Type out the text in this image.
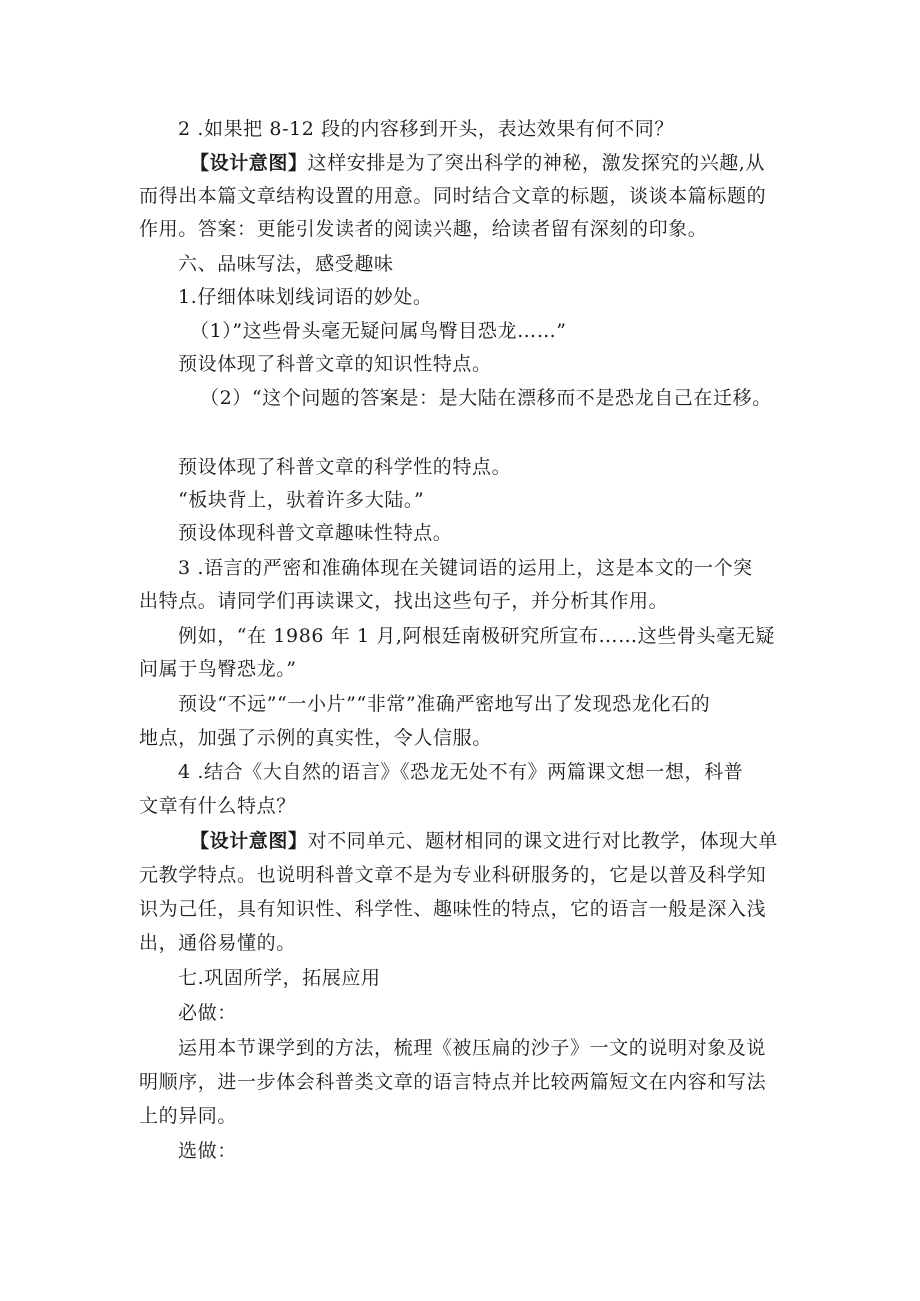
2 .如果把 8-12 段的内容移到开头，表达效果有何不同？
【设计意图】这样安排是为了突出科学的神秘，激发探究的兴趣,从
而得出本篇文章结构设置的用意。同时结合文章的标题，谈谈本篇标题的
作用。答案：更能引发读者的阅读兴趣，给读者留有深刻的印象。
六、品味写法，感受趣味
1.仔细体味划线词语的妙处。
（1）”这些骨头毫无疑问属鸟臀目恐龙……”
预设体现了科普文章的知识性特点。
（2）“这个问题的答案是：是大陆在漂移而不是恐龙自己在迁移。
预设体现了科普文章的科学性的特点。
“板块背上，驮着许多大陆。”
预设体现科普文章趣味性特点。
3 .语言的严密和准确体现在关键词语的运用上，这是本文的一个突
出特点。请同学们再读课文，找出这些句子，并分析其作用。
例如，“在 1986 年 1 月,阿根廷南极研究所宣布……这些骨头毫无疑
问属于鸟臀恐龙。”
预设“不远”“一小片”“非常”准确严密地写出了发现恐龙化石的
地点，加强了示例的真实性，令人信服。
4 .结合《大自然的语言》《恐龙无处不有》两篇课文想一想，科普
文章有什么特点？
【设计意图】对不同单元、题材相同的课文进行对比教学，体现大单
元教学特点。也说明科普文章不是为专业科研服务的，它是以普及科学知
识为己任，具有知识性、科学性、趣味性的特点，它的语言一般是深入浅
出，通俗易懂的。
七.巩固所学，拓展应用
必做：
运用本节课学到的方法，梳理《被压扁的沙子》一文的说明对象及说
明顺序，进一步体会科普类文章的语言特点并比较两篇短文在内容和写法
上的异同。
选做：
